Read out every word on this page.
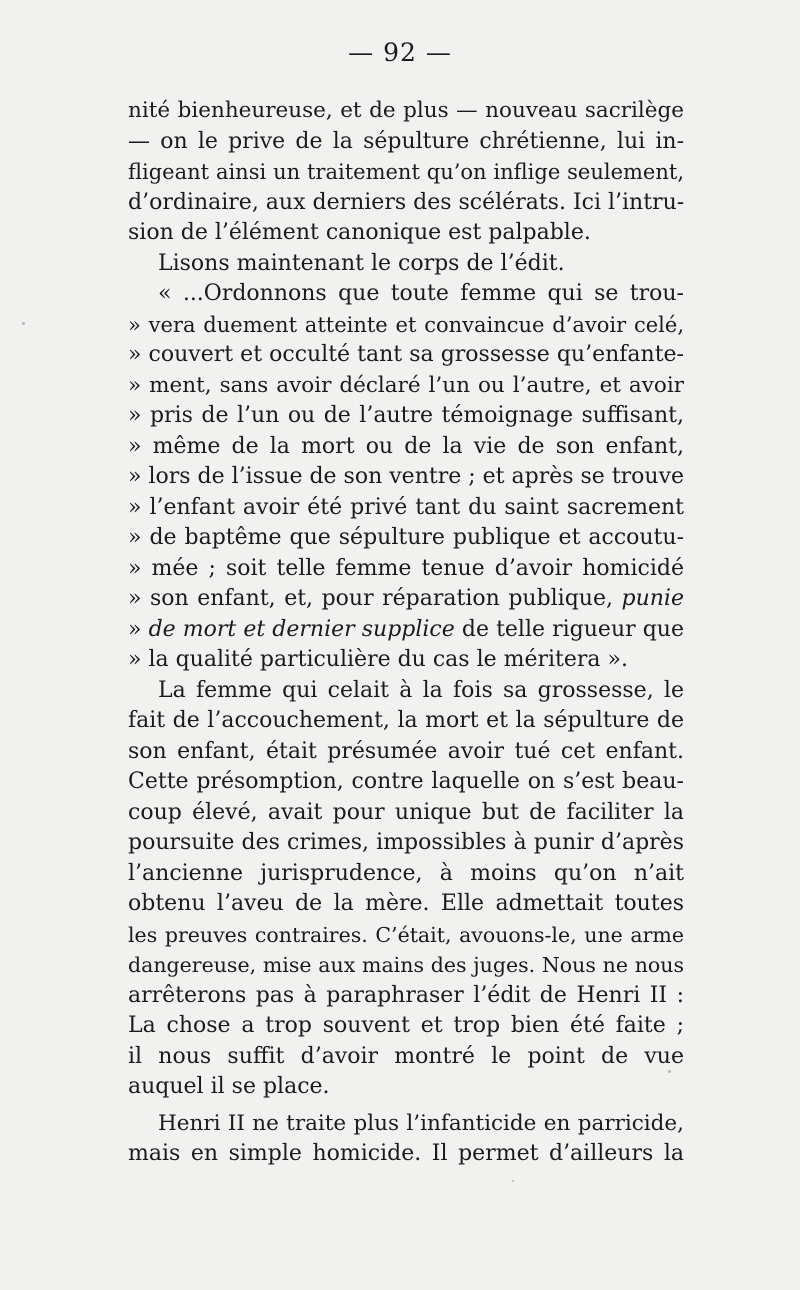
— 92 —
nité bienheureuse, et de plus — nouveau sacrilège
— on le prive de la sépulture chrétienne, lui in-
fligeant ainsi un traitement qu’on inflige seulement,
d’ordinaire, aux derniers des scélérats. Ici l’intru-
sion de l’élément canonique est palpable.
Lisons maintenant le corps de l’édit.
« ...Ordonnons que toute femme qui se trou-
» vera duement atteinte et convaincue d’avoir celé,
» couvert et occulté tant sa grossesse qu’enfante-
» ment, sans avoir déclaré l’un ou l’autre, et avoir
» pris de l’un ou de l’autre témoignage suffisant,
» même de la mort ou de la vie de son enfant,
» lors de l’issue de son ventre ; et après se trouve
» l’enfant avoir été privé tant du saint sacrement
» de baptême que sépulture publique et accoutu-
» mée ; soit telle femme tenue d’avoir homicidé
» son enfant, et, pour réparation publique, punie
» de mort et dernier supplice de telle rigueur que
» la qualité particulière du cas le méritera ».
La femme qui celait à la fois sa grossesse, le
fait de l’accouchement, la mort et la sépulture de
son enfant, était présumée avoir tué cet enfant.
Cette présomption, contre laquelle on s’est beau-
coup élevé, avait pour unique but de faciliter la
poursuite des crimes, impossibles à punir d’après
l’ancienne jurisprudence, à moins qu’on n’ait
obtenu l’aveu de la mère. Elle admettait toutes
les preuves contraires. C’était, avouons-le, une arme
dangereuse, mise aux mains des juges. Nous ne nous
arrêterons pas à paraphraser l’édit de Henri II :
La chose a trop souvent et trop bien été faite ;
il nous suffit d’avoir montré le point de vue
auquel il se place.
Henri II ne traite plus l’infanticide en parricide,
mais en simple homicide. Il permet d’ailleurs la
